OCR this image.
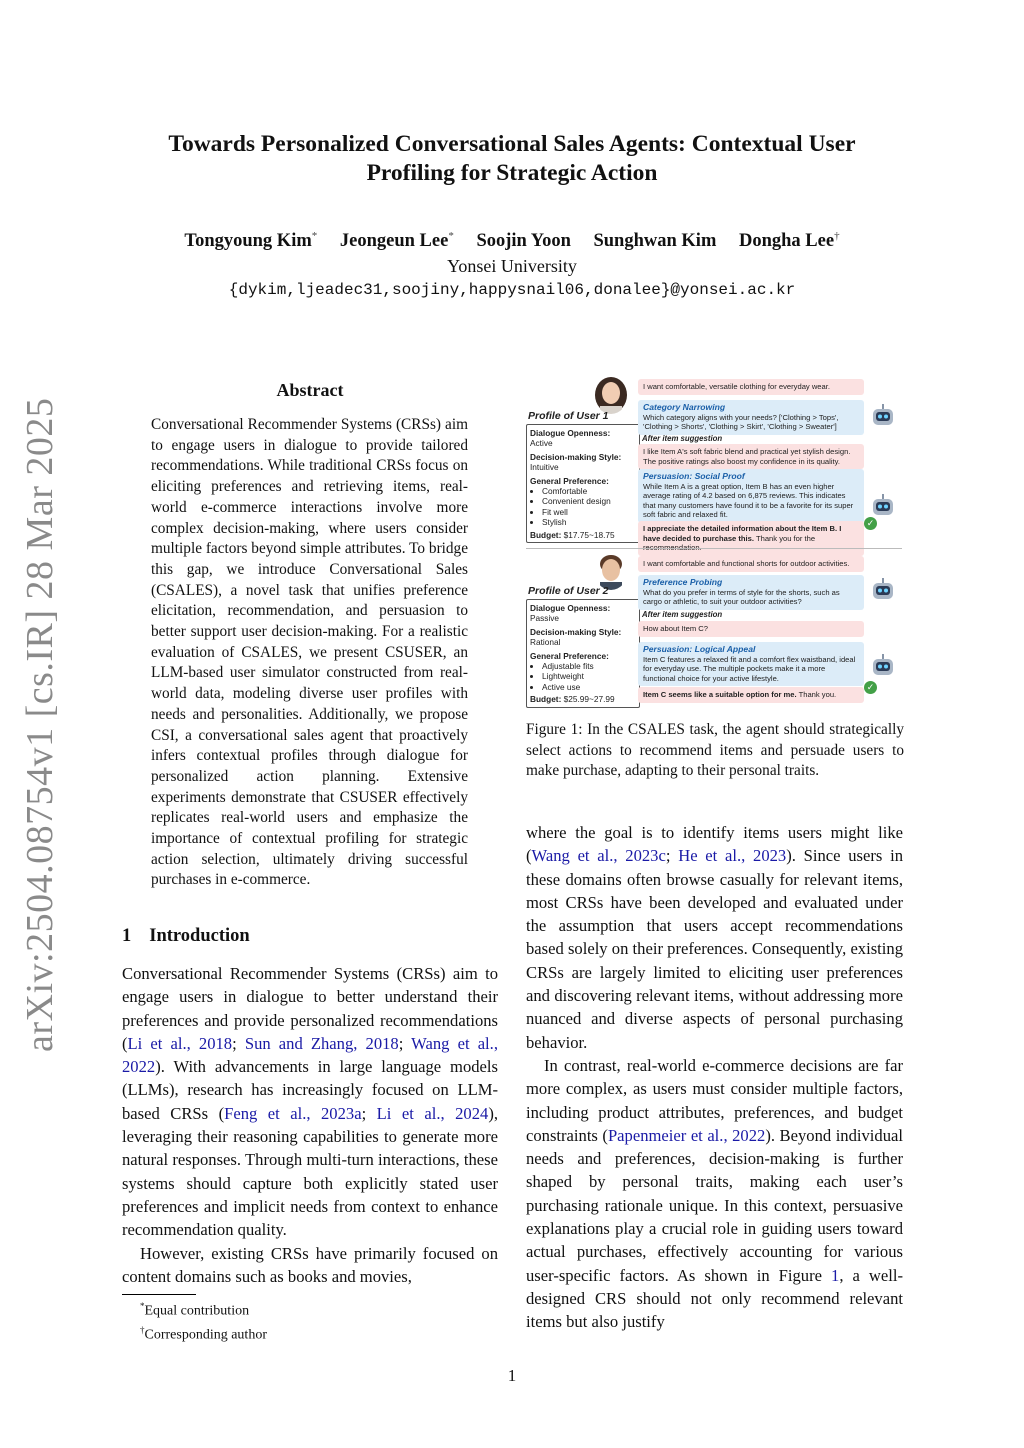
arXiv:2504.08754v1 [cs.IR] 28 Mar 2025
Towards Personalized Conversational Sales Agents: Contextual User Profiling for Strategic Action
Tongyoung Kim* Jeongeun Lee* Soojin Yoon Sunghwan Kim Dongha Lee†
Yonsei University
{dykim,ljeadec31,soojiny,happysnail06,donalee}@yonsei.ac.kr
Abstract
Conversational Recommender Systems (CRSs) aim to engage users in dialogue to provide tailored recommendations. While traditional CRSs focus on eliciting preferences and retrieving items, real-world e-commerce interactions involve more complex decision-making, where users consider multiple factors beyond simple attributes. To bridge this gap, we introduce Conversational Sales (CSALES), a novel task that unifies preference elicitation, recommendation, and persuasion to better support user decision-making. For a realistic evaluation of CSALES, we present CSUSER, an LLM-based user simulator constructed from real-world data, modeling diverse user profiles with needs and personalities. Additionally, we propose CSI, a conversational sales agent that proactively infers contextual profiles through dialogue for personalized action planning. Extensive experiments demonstrate that CSUSER effectively replicates real-world users and emphasize the importance of contextual profiling for strategic action selection, ultimately driving successful purchases in e-commerce.
1 Introduction

Conversational Recommender Systems (CRSs) aim to engage users in dialogue to better understand their preferences and provide personalized recommendations (Li et al., 2018; Sun and Zhang, 2018; Wang et al., 2022). With advancements in large language models (LLMs), research has increasingly focused on LLM-based CRSs (Feng et al., 2023a; Li et al., 2024), leveraging their reasoning capabilities to generate more natural responses. Through multi-turn interactions, these systems should capture both explicitly stated user preferences and implicit needs from context to enhance recommendation quality.

However, existing CRSs have primarily focused on content domains such as books and movies,

*Equal contribution
†Corresponding author
Profile of User 1
Dialogue Openness:
Active
Decision-making Style:
Intuitive
General Preference:
• Comfortable
• Convenient design
• Fit well
• Stylish
Budget: $17.75~18.75
I want comfortable, versatile clothing for everyday wear.
Category Narrowing
Which category aligns with your needs? ['Clothing > Tops', 'Clothing > Shorts', 'Clothing > Skirt', 'Clothing > Sweater']
After item suggestion
I like Item A's soft fabric blend and practical yet stylish design. The positive ratings also boost my confidence in its quality.
Persuasion: Social Proof
While Item A is a great option, Item B has an even higher average rating of 4.2 based on 6,875 reviews. This indicates that many customers have found it to be a favorite for its super soft fabric and relaxed fit.
I appreciate the detailed information about the Item B. I have decided to purchase this. Thank you for the recommendation.
✓
Profile of User 2
Dialogue Openness:
Passive
Decision-making Style:
Rational
General Preference:
• Adjustable fits
• Lightweight
• Active use
Budget: $25.99~27.99
I want comfortable and functional shorts for outdoor activities.
Preference Probing
What do you prefer in terms of style for the shorts, such as cargo or athletic, to suit your outdoor activities?
After item suggestion
How about Item C?
Persuasion: Logical Appeal
Item C features a relaxed fit and a comfort flex waistband, ideal for everyday use. The multiple pockets make it a more functional choice for your active lifestyle.
Item C seems like a suitable option for me. Thank you.
✓
Figure 1: In the CSALES task, the agent should strategically select actions to recommend items and persuade users to make purchase, adapting to their personal traits.

where the goal is to identify items users might like (Wang et al., 2023c; He et al., 2023). Since users in these domains often browse casually for relevant items, most CRSs have been developed and evaluated under the assumption that users accept recommendations based solely on their preferences. Consequently, existing CRSs are largely limited to eliciting user preferences and discovering relevant items, without addressing more nuanced and diverse aspects of personal purchasing behavior.

In contrast, real-world e-commerce decisions are far more complex, as users must consider multiple factors, including product attributes, preferences, and budget constraints (Papenmeier et al., 2022). Beyond individual needs and preferences, decision-making is further shaped by personal traits, making each user’s purchasing rationale unique. In this context, persuasive explanations play a crucial role in guiding users toward actual purchases, effectively accounting for various user-specific factors. As shown in Figure 1, a well-designed CRS should not only recommend relevant items but also justify

1
